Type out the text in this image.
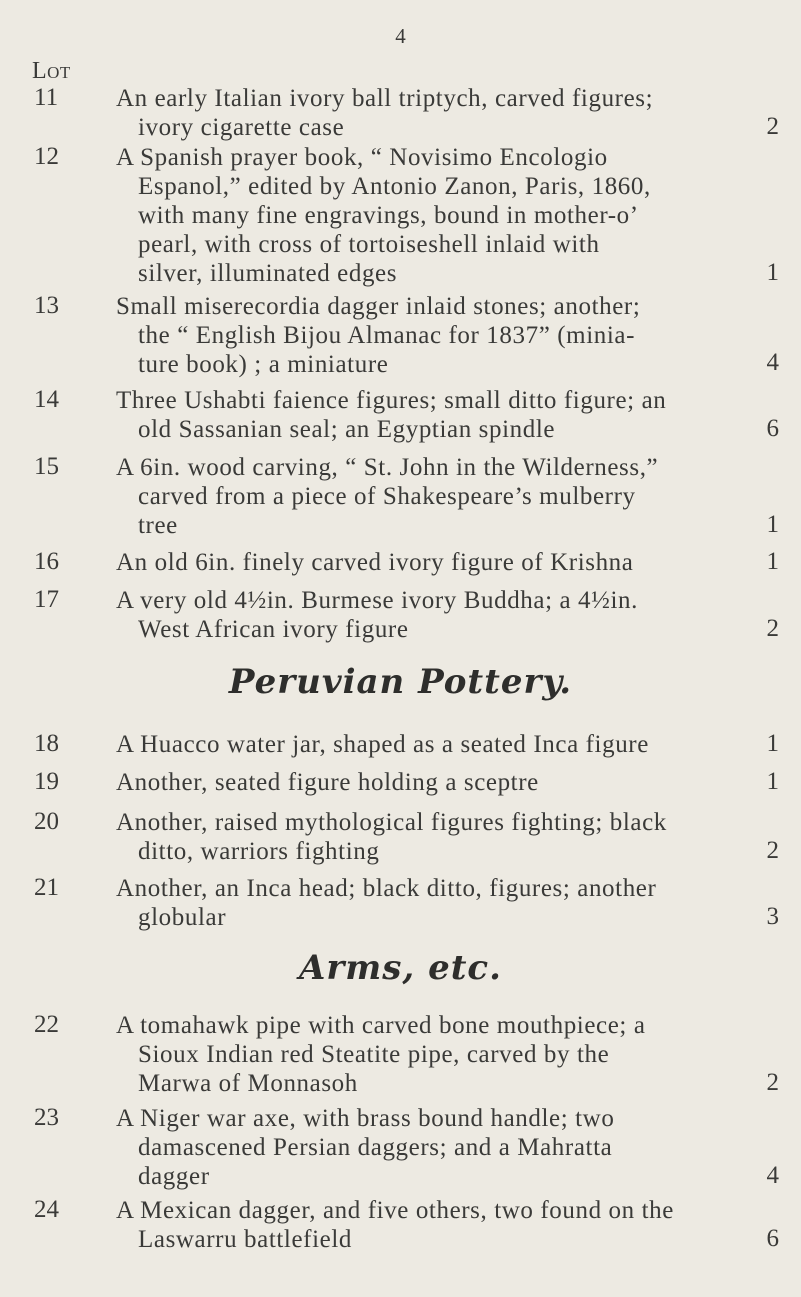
4
Lot
11	An early Italian ivory ball triptych, carved figures;
ivory cigarette case	2
12	A Spanish prayer book, “ Novisimo Encologio
Espanol,” edited by Antonio Zanon, Paris, 1860,
with many fine engravings, bound in mother-o’
pearl, with cross of tortoiseshell inlaid with
silver, illuminated edges	1
13	Small miserecordia dagger inlaid stones; another;
the “ English Bijou Almanac for 1837” (minia-
ture book) ; a miniature	4
14	Three Ushabti faience figures; small ditto figure; an
old Sassanian seal; an Egyptian spindle	6
15	A 6in. wood carving, “ St. John in the Wilderness,”
carved from a piece of Shakespeare’s mulberry
tree	1
16	An old 6in. finely carved ivory figure of Krishna	1
17	A very old 4½in. Burmese ivory Buddha; a 4½in.
West African ivory figure	2
Peruvian Pottery.
18	A Huacco water jar, shaped as a seated Inca figure	1
19	Another, seated figure holding a sceptre	1
20	Another, raised mythological figures fighting; black
ditto, warriors fighting	2
21	Another, an Inca head; black ditto, figures; another
globular	3
Arms, etc.
22	A tomahawk pipe with carved bone mouthpiece; a
Sioux Indian red Steatite pipe, carved by the
Marwa of Monnasoh	2
23	A Niger war axe, with brass bound handle; two
damascened Persian daggers; and a Mahratta
dagger	4
24	A Mexican dagger, and five others, two found on the
Laswarru battlefield	6
